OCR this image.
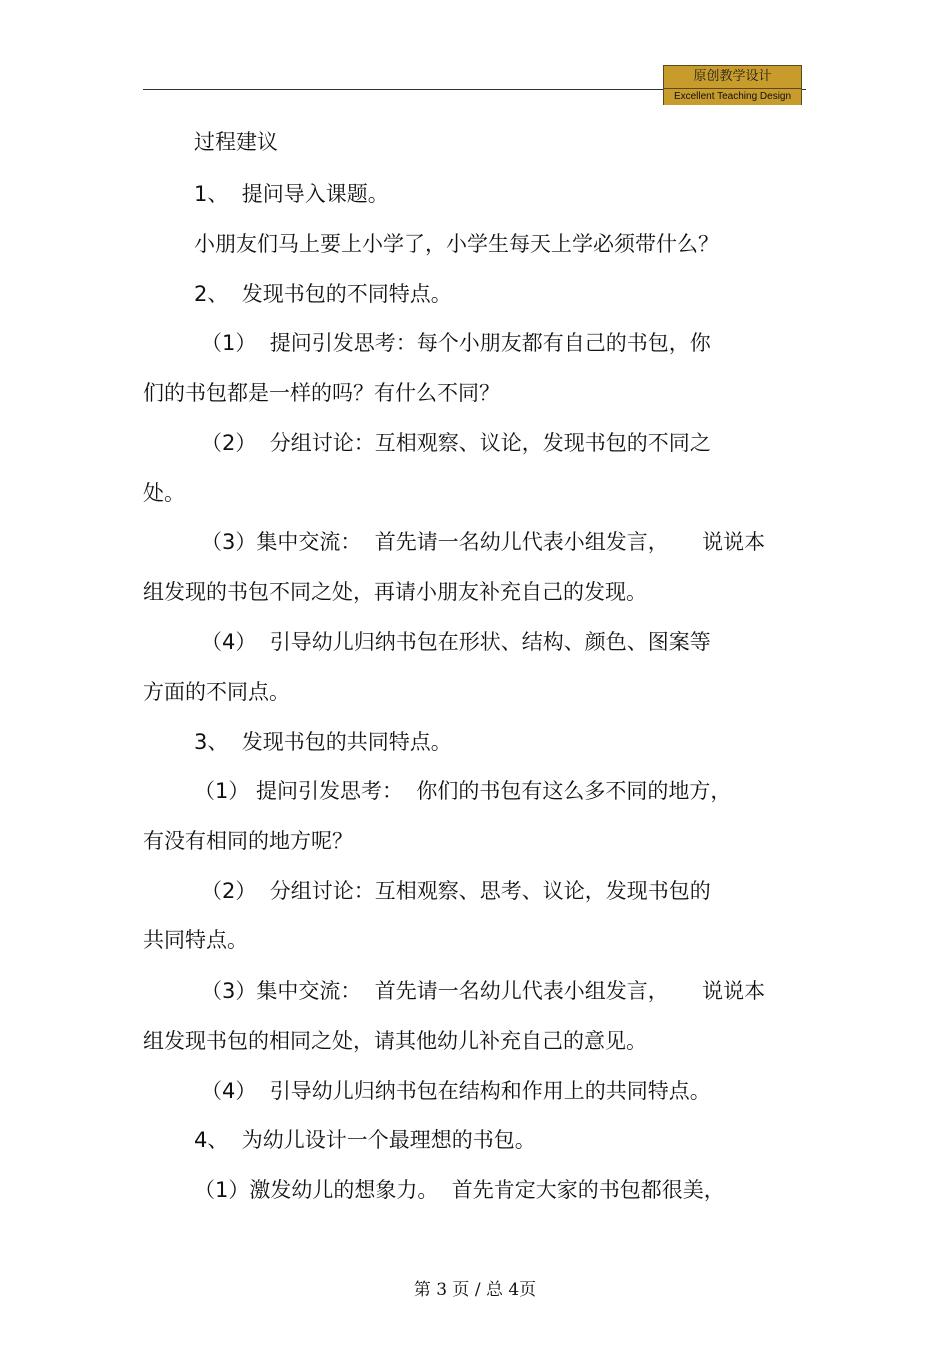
原创教学设计
Excellent Teaching Design
过程建议
1、  提问导入课题。
小朋友们马上要上小学了，小学生每天上学必须带什么？
2、  发现书包的不同特点。
（1）  提问引发思考：每个小朋友都有自己的书包，你
们的书包都是一样的吗？有什么不同？
（2）  分组讨论：互相观察、议论，发现书包的不同之
处。
（3）集中交流：  首先请一名幼儿代表小组发言，     说说本
组发现的书包不同之处，再请小朋友补充自己的发现。
（4）  引导幼儿归纳书包在形状、结构、颜色、图案等
方面的不同点。
3、  发现书包的共同特点。
（1） 提问引发思考：  你们的书包有这么多不同的地方，
有没有相同的地方呢？
（2）  分组讨论：互相观察、思考、议论，发现书包的
共同特点。
（3）集中交流：  首先请一名幼儿代表小组发言，     说说本
组发现书包的相同之处，请其他幼儿补充自己的意见。
（4）  引导幼儿归纳书包在结构和作用上的共同特点。
4、  为幼儿设计一个最理想的书包。
（1）激发幼儿的想象力。  首先肯定大家的书包都很美，
第 3 页 / 总 4页
